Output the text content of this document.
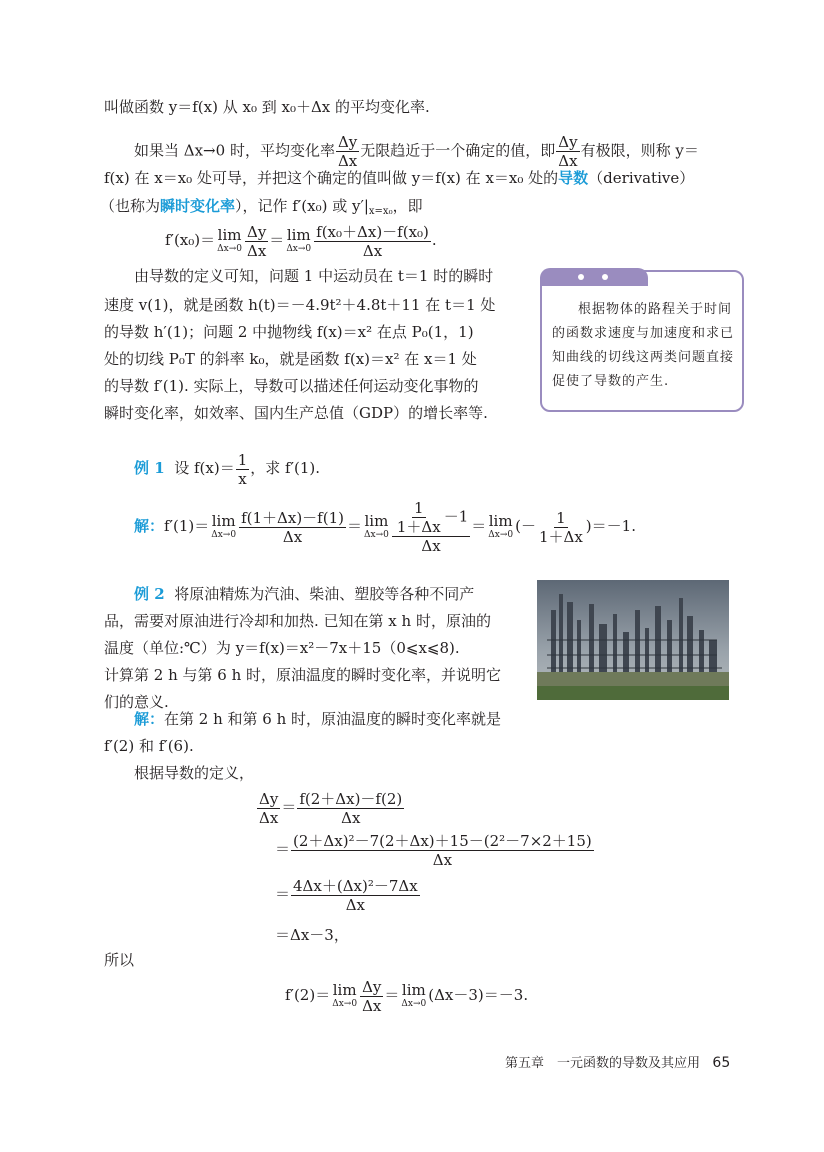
叫做函数 y＝f(x) 从 x₀ 到 x₀＋Δx 的平均变化率.
如果当 Δx→0 时，平均变化率 $\frac{\Delta y}{\Delta x}$ 无限趋近于一个确定的值，即 $\frac{\Delta y}{\Delta x}$ 有极限，则称 y＝
f(x) 在 x＝x₀ 处可导，并把这个确定的值叫做 y＝f(x) 在 x＝x₀ 处的导数（derivative）
（也称为瞬时变化率），记作 f′(x₀) 或 $y'|_{x=x_0}$，即
f′(x₀)＝ lim
$\Delta x\to 0 \frac{\Delta y}{\Delta x} = \lim$
$\Delta x\to 0 \frac{\text{f(x₀＋Δx)－f(x₀)}}{\Delta x}$ .
由导数的定义可知，问题 1 中运动员在 t＝1 时的瞬时
速度 v(1)，就是函数 h(t)＝－4.9t²＋4.8t＋11 在 t＝1 处
的导数 h′(1)；问题 2 中抛物线 f(x)＝x² 在点 P₀(1，1)
处的切线 P₀T 的斜率 k₀，就是函数 f(x)＝x² 在 x＝1 处
的导数 f′(1). 实际上，导数可以描述任何运动变化事物的
瞬时变化率，如效率、国内生产总值（GDP）的增长率等.
根据物体的路程关于时间的函数求速度与加速度和求已知曲线的切线这两类问题直接促使了导数的产生.
例 1 设 $f(x)= \frac{1}{x}$ ，求 f′(1).
解：f′(1)＝ lim
$\Delta x\to 0 \frac{f(1+\Delta x)-f(1)}{\Delta x} = \lim$
$\Delta x\to 0 \frac{\frac{1}{1+\Delta x} -1}{\Delta x} = \lim$
Δx→0 (－ $\frac{1}{1+\Delta x} )=-1$.
例 2 将原油精炼为汽油、柴油、塑胶等各种不同产
品，需要对原油进行冷却和加热. 已知在第 x h 时，原油的
温度（单位:℃）为 y＝f(x)＝x²－7x＋15（0⩽x⩽8).
计算第 2 h 与第 6 h 时，原油温度的瞬时变化率，并说明它
们的意义.
解：在第 2 h 和第 6 h 时，原油温度的瞬时变化率就是
f′(2) 和 f′(6).
根据导数的定义，
$\frac{\Delta y}{\Delta x} = \frac{f(2+\Delta x)-f(2)}{\Delta x}$
＝ $\frac{\text{(2＋Δx)²－7(2＋Δx)＋15－(2²－7×2＋15)}}{\Delta x}$
＝ $\frac{\text{4Δx＋(Δx)²－7Δx}}{\Delta x}$
＝Δx－3，
所以
f′(2)＝ lim
$\Delta x\to 0 \frac{\Delta y}{\Delta x} = \lim$
Δx→0 (Δx－3)＝－3.
第五章　一元函数的导数及其应用 65
